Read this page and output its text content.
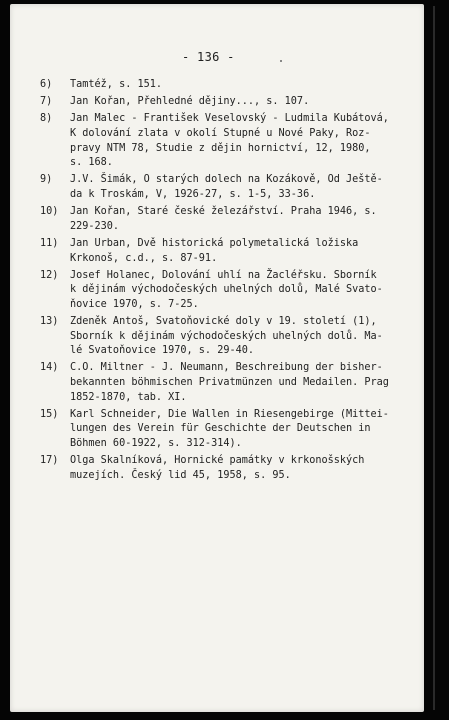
- 136 -
6)	Tamtéž, s. 151.
7)	Jan Kořan, Přehledné dějiny..., s. 107.
8)	Jan Malec - František Veselovský - Ludmila Kubátová,
K dolování zlata v okolí Stupné u Nové Paky, Roz-
pravy NTM 78, Studie z dějin hornictví, 12, 1980,
s. 168.
9)	J.V. Šimák, O starých dolech na Kozákově, Od Ještě-
da k Troskám, V, 1926-27, s. 1-5, 33-36.
10)	Jan Kořan, Staré české železářství. Praha 1946, s.
229-230.
11)	Jan Urban, Dvě historická polymetalická ložiska
Krkonoš, c.d., s. 87-91.
12)	Josef Holanec, Dolování uhlí na Žacléřsku. Sborník
k dějinám východočeských uhelných dolů, Malé Svato-
ňovice 1970, s. 7-25.
13)	Zdeněk Antoš, Svatoňovické doly v 19. století (1),
Sborník k dějinám východočeských uhelných dolů. Ma-
lé Svatoňovice 1970, s. 29-40.
14)	C.O. Miltner - J. Neumann, Beschreibung der bisher-
bekannten böhmischen Privatmünzen und Medailen. Prag
1852-1870, tab. XI.
15)	Karl Schneider, Die Wallen in Riesengebirge (Mittei-
lungen des Verein für Geschichte der Deutschen in
Böhmen 60-1922, s. 312-314).
17)	Olga Skalníková, Hornické památky v krkonošských
muzejích. Český lid 45, 1958, s. 95.
